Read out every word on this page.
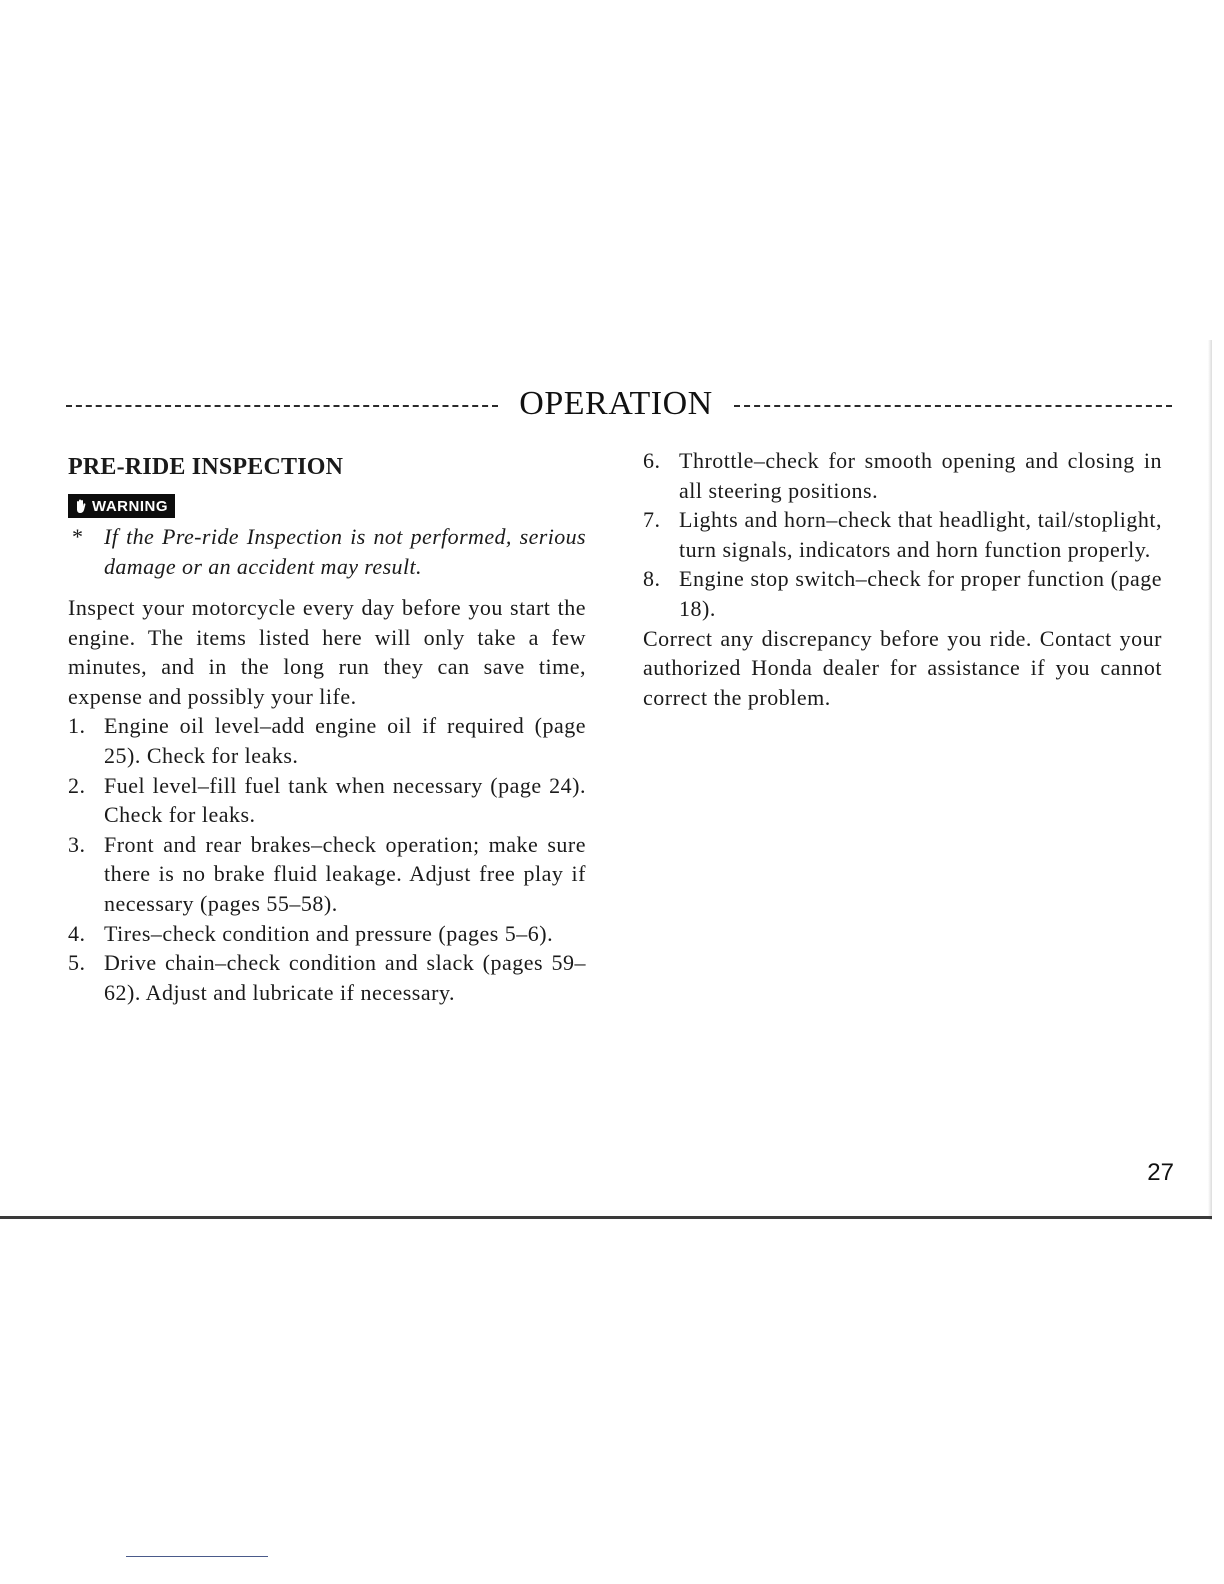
OPERATION
PRE-RIDE INSPECTION
WARNING

* If the Pre-ride Inspection is not performed, serious damage or an accident may result.

Inspect your motorcycle every day before you start the engine. The items listed here will only take a few minutes, and in the long run they can save time, expense and possibly your life.

1. Engine oil level–add engine oil if required (page 25). Check for leaks.
2. Fuel level–fill fuel tank when necessary (page 24). Check for leaks.
3. Front and rear brakes–check operation; make sure there is no brake fluid leakage. Adjust free play if necessary (pages 55–58).
4. Tires–check condition and pressure (pages 5–6).
5. Drive chain–check condition and slack (pages 59–62). Adjust and lubricate if necessary.
6. Throttle–check for smooth opening and closing in all steering positions.
7. Lights and horn–check that headlight, tail/stoplight, turn signals, indicators and horn function properly.
8. Engine stop switch–check for proper function (page 18).

Correct any discrepancy before you ride. Contact your authorized Honda dealer for assistance if you cannot correct the problem.

27
